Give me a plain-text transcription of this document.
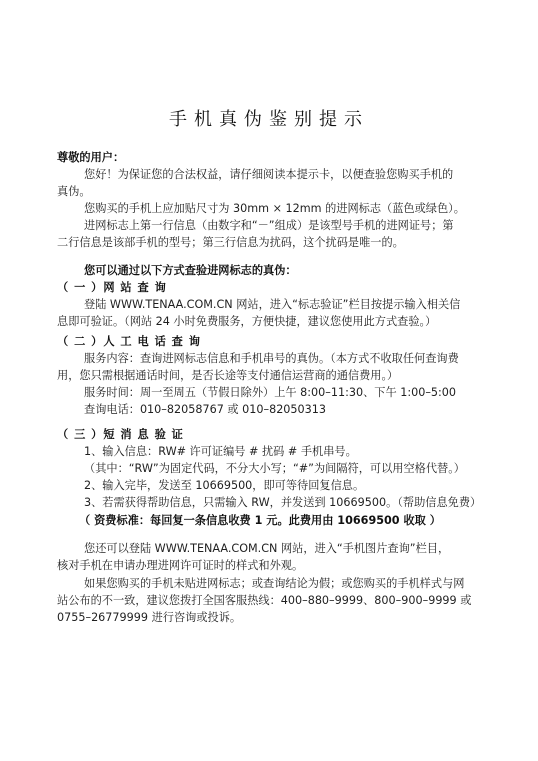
手机真伪鉴别提示
尊敬的用户：
您好！为保证您的合法权益，请仔细阅读本提示卡，以便查验您购买手机的
真伪。
您购买的手机上应加贴尺寸为 30mm × 12mm 的进网标志（蓝色或绿色）。
进网标志上第一行信息（由数字和“－”组成）是该型号手机的进网证号；第
二行信息是该部手机的型号；第三行信息为扰码，这个扰码是唯一的。
您可以通过以下方式查验进网标志的真伪：
（ 一 ）网 站 查 询
登陆 WWW.TENAA.COM.CN 网站，进入“标志验证”栏目按提示输入相关信
息即可验证。（网站 24 小时免费服务，方便快捷，建议您使用此方式查验。）
（ 二 ）人 工 电 话 查 询
服务内容：查询进网标志信息和手机串号的真伪。（本方式不收取任何查询费
用，您只需根据通话时间，是否长途等支付通信运营商的通信费用。）
服务时间：周一至周五（节假日除外）上午 8:00–11:30、下午 1:00–5:00
查询电话：010–82058767 或 010–82050313
（ 三 ）短 消 息 验 证
1、输入信息：RW# 许可证编号 # 扰码 # 手机串号。
（其中：“RW”为固定代码，不分大小写；“#”为间隔符，可以用空格代替。）
2、输入完毕，发送至 10669500，即可等待回复信息。
3、若需获得帮助信息，只需输入 RW，并发送到 10669500。（帮助信息免费）
（ 资费标准：每回复一条信息收费 1 元。此费用由 10669500 收取 ）
您还可以登陆 WWW.TENAA.COM.CN 网站，进入“手机图片查询”栏目，
核对手机在申请办理进网许可证时的样式和外观。
如果您购买的手机未贴进网标志；或查询结论为假；或您购买的手机样式与网
站公布的不一致，建议您拨打全国客服热线：400–880–9999、800–900–9999 或
0755–26779999 进行咨询或投诉。
